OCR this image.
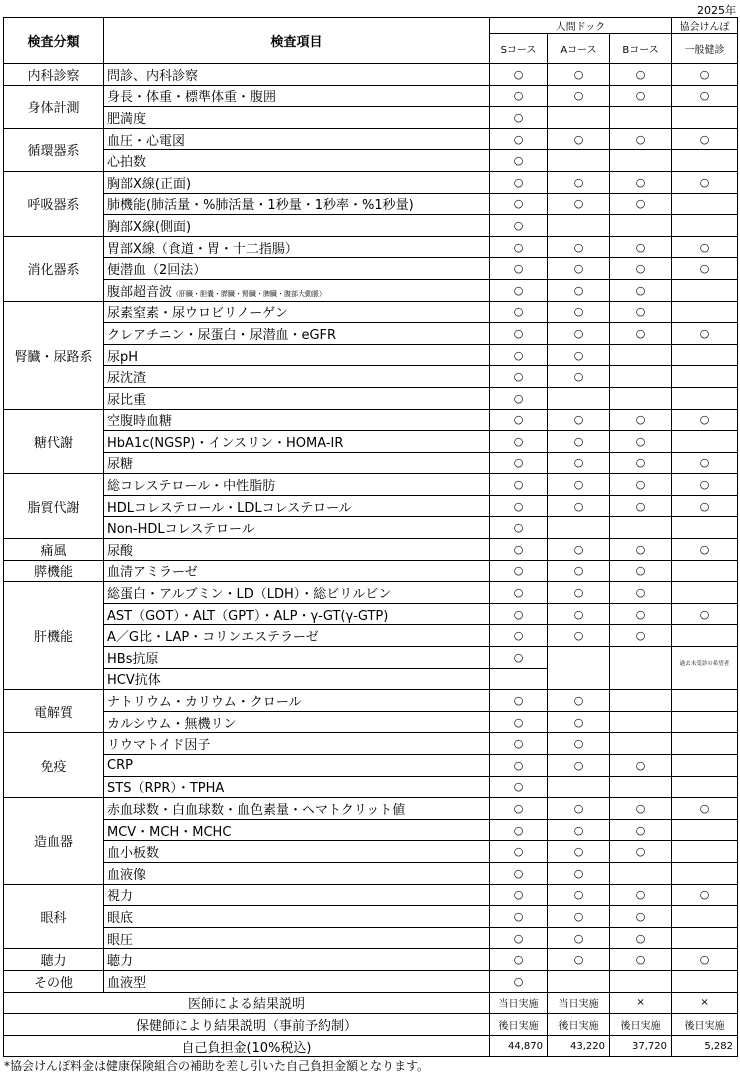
2025年
検査分類	検査項目	人間ドック			協会けんぽ
		Sコース	Aコース	Bコース	一般健診
内科診察	問診、内科診察	○	○	○	○
身体計測	身長・体重・標準体重・腹囲	○	○	○	○
	肥満度	○			
循環器系	血圧・心電図	○	○	○	○
	心拍数	○			
呼吸器系	胸部X線(正面)	○	○	○	○
	肺機能(肺活量・%肺活量・1秒量・1秒率・%1秒量)	○	○	○	
	胸部X線(側面)	○			
消化器系	胃部X線（食道・胃・十二指腸）	○	○	○	○
	便潜血（2回法）	○	○	○	○
	腹部超音波（肝臓・胆嚢・膵臓・腎臓・脾臓・腹部大動脈）	○	○	○	
腎臓・尿路系	尿素窒素・尿ウロビリノーゲン	○	○	○	
	クレアチニン・尿蛋白・尿潜血・eGFR	○	○	○	○
	尿pH	○	○		
	尿沈渣	○	○		
	尿比重	○			
糖代謝	空腹時血糖	○	○	○	○
	HbA1c(NGSP)・インスリン・HOMA-IR	○	○	○	
	尿糖	○	○	○	○
脂質代謝	総コレステロール・中性脂肪	○	○	○	○
	HDLコレステロール・LDLコレステロール	○	○	○	○
	Non-HDLコレステロール	○			
痛風	尿酸	○	○	○	○
膵機能	血清アミラーゼ	○	○	○	
肝機能	総蛋白・アルブミン・LD（LDH）・総ビリルビン	○	○	○	
	AST（GOT）・ALT（GPT）・ALP・γ-GT(γ-GTP)	○	○	○	○
	A／G比・LAP・コリンエステラーゼ	○	○	○	
	HBs抗原	○			過去未受診の希望者
	HCV抗体				
電解質	ナトリウム・カリウム・クロール	○	○		
	カルシウム・無機リン	○	○		
免疫	リウマトイド因子	○	○		
	CRP	○	○	○	
	STS（RPR）・TPHA	○			
造血器	赤血球数・白血球数・血色素量・ヘマトクリット値	○	○	○	○
	MCV・MCH・MCHC	○	○	○	
	血小板数	○	○	○	
	血液像	○	○		
眼科	視力	○	○	○	○
	眼底	○	○	○	
	眼圧	○	○	○	
聴力	聴力	○	○	○	○
その他	血液型	○			
医師による結果説明		当日実施	当日実施	×	×
保健師により結果説明（事前予約制）		後日実施	後日実施	後日実施	後日実施
自己負担金(10%税込)		44,870	43,220	37,720	5,282
*協会けんぽ料金は健康保険組合の補助を差し引いた自己負担金額となります。
